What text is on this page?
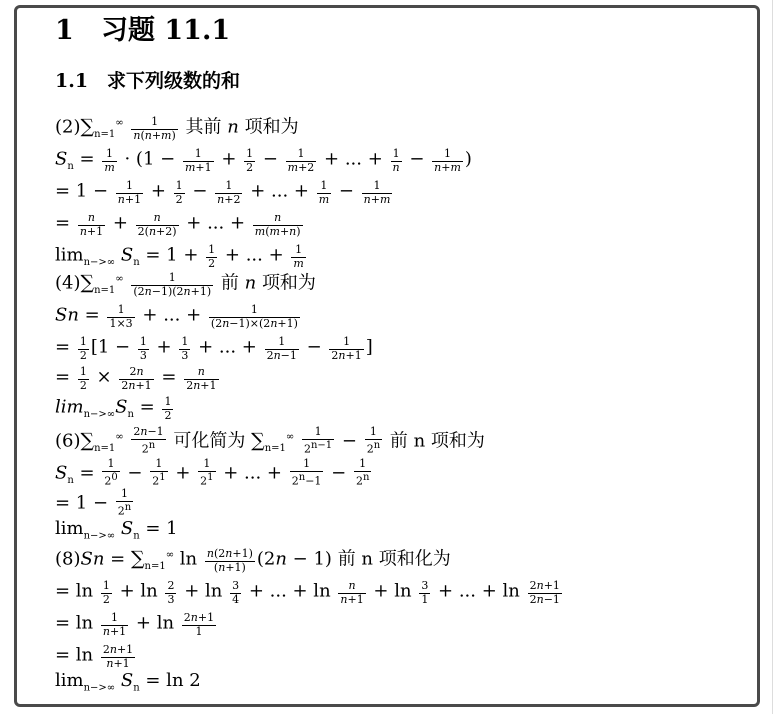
1 习题 11.1
1.1 求下列级数的和
$(2)\sum_{n=1}^\infty \frac{1}{n(n+m)}$ 其前 n 项和为
$S_n = \frac{1}{m} \cdot (1 - \frac{1}{m+1} + \frac{1}{2} - \frac{1}{m+2}$ + ... + $\frac{1}{n} - \frac{1}{n+m}$ )
= $1 - \frac{1}{n+1} + \frac{1}{2} - \frac{1}{n+2}$ + ... + $\frac{1}{m} - \frac{1}{n+m}$
= $\frac{n}{n+1} + \frac{n}{2(n+2)}$ + ... + $\frac{n}{m(m+n)}$
$\lim_{n->\infty} S_n = 1 + \frac{1}{2}$ + ... + $\frac{1}{m}$
$(4)\sum_{n=1}^\infty \frac{1}{(2n-1)(2n+1)}$ 前 n 项和为
$Sn = \frac{1}{1\times 3}$ + ... + $\frac{1}{(2n-1)\times(2n+1)}$
= $\frac{1}{2} [1 - \frac{1}{3} + \frac{1}{3}$ + ... + $\frac{1}{2n-1} - \frac{1}{2n+1}$ ]
= $\frac{1}{2} \times \frac{2n}{2n+1} = \frac{n}{2n+1}$
$\lim_{n->\infty}S_n = \frac{1}{2}$
$(6)\sum_{n=1}^\infty \frac{2n-1}{2^n}$ 可化简为 $\sum_{n=1}^\infty \frac{1}{2^{n-1}} - \frac{1}{2^n}$ 前 n 项和为
$S_n = \frac{1}{2^0} - \frac{1}{2^1} + \frac{1}{2^1}$ + ... + $\frac{1}{2^n-1} - \frac{1}{2^n}$
= $1 - \frac{1}{2^n}$
$\lim_{n->\infty} S_n = 1$
$(8)Sn = \sum_{n=1}^\infty$ $\ln \frac{n(2n+1)}{(n+1)} (2n - 1)$ 前 n 项和化为
= $\ln \frac{1}{2} + \ln \frac{2}{3} + \ln \frac{3}{4}$ + ... + $\ln \frac{n}{n+1} + \ln \frac{3}{1}$ + ... + $\ln \frac{2n+1}{2n-1}$
= $\ln \frac{1}{n+1} + \ln \frac{2n+1}{1}$
= $\ln \frac{2n+1}{n+1}$
$\lim_{n->\infty} S_n = \ln 2$
